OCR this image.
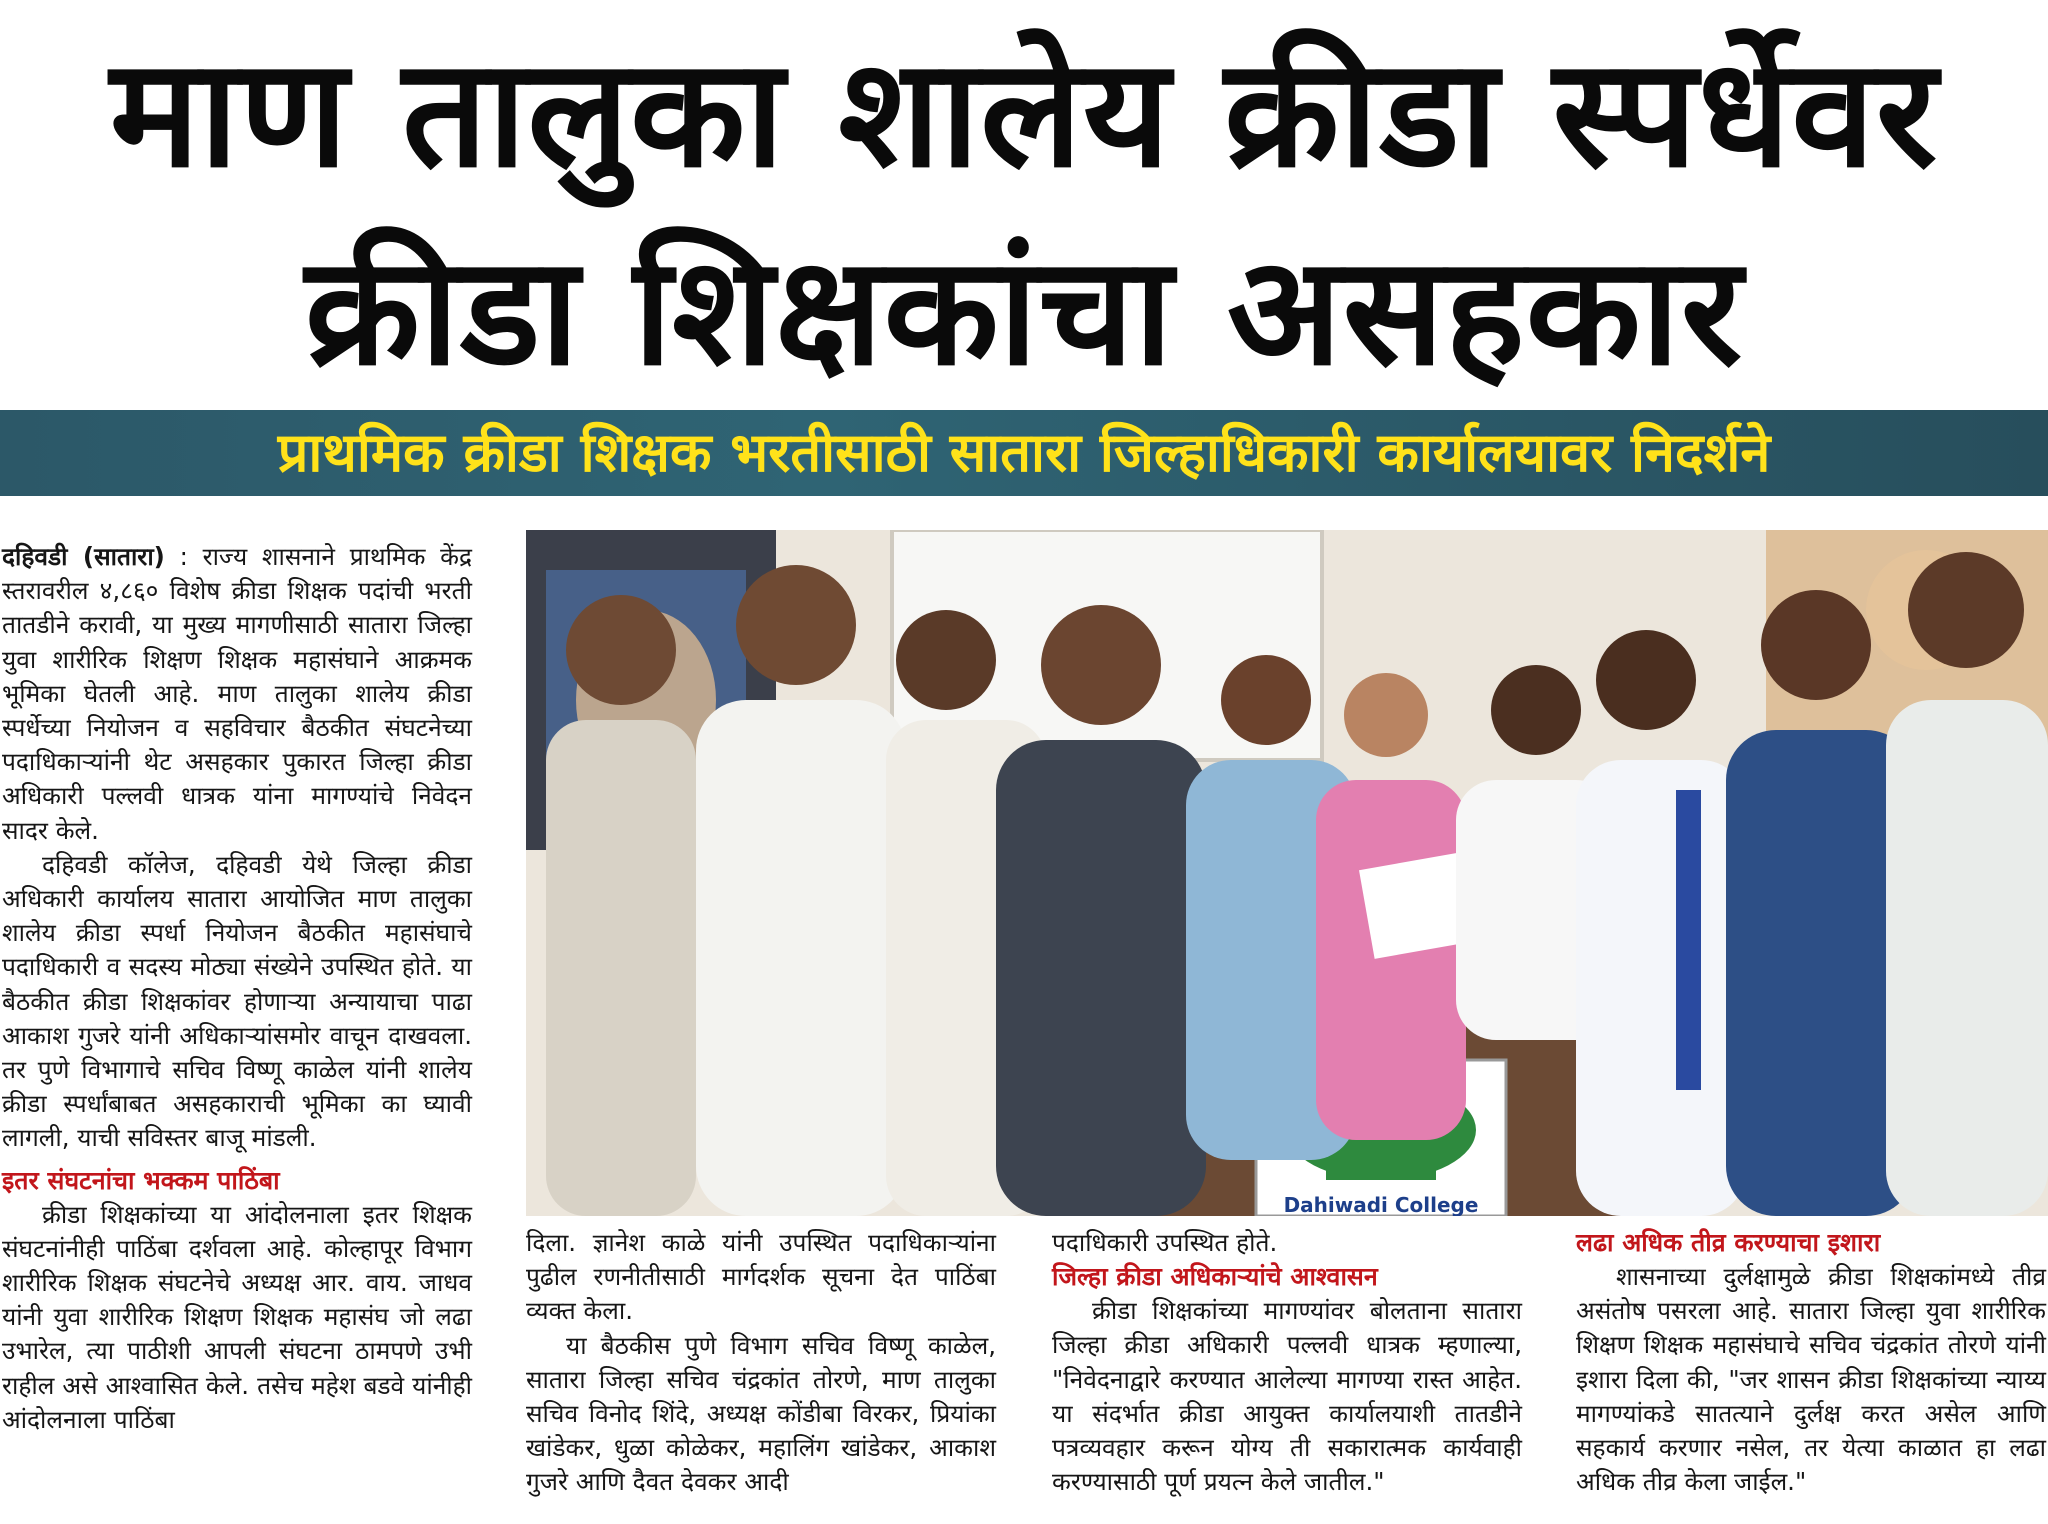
माण तालुका शालेय क्रीडा स्पर्धेवर
क्रीडा शिक्षकांचा असहकार
प्राथमिक क्रीडा शिक्षक भरतीसाठी सातारा जिल्हाधिकारी कार्यालयावर निदर्शने

दहिवडी (सातारा) : राज्य शासनाने प्राथमिक केंद्र स्तरावरील ४,८६० विशेष क्रीडा शिक्षक पदांची भरती तातडीने करावी, या मुख्य मागणीसाठी सातारा जिल्हा युवा शारीरिक शिक्षण शिक्षक महासंघाने आक्रमक भूमिका घेतली आहे. माण तालुका शालेय क्रीडा स्पर्धेच्या नियोजन व सहविचार बैठकीत संघटनेच्या पदाधिकाऱ्यांनी थेट असहकार पुकारत जिल्हा क्रीडा अधिकारी पल्लवी धात्रक यांना मागण्यांचे निवेदन सादर केले.

दहिवडी कॉलेज, दहिवडी येथे जिल्हा क्रीडा अधिकारी कार्यालय सातारा आयोजित माण तालुका शालेय क्रीडा स्पर्धा नियोजन बैठकीत महासंघाचे पदाधिकारी व सदस्य मोठ्या संख्येने उपस्थित होते. या बैठकीत क्रीडा शिक्षकांवर होणाऱ्या अन्यायाचा पाढा आकाश गुजरे यांनी अधिकाऱ्यांसमोर वाचून दाखवला. तर पुणे विभागाचे सचिव विष्णू काळेल यांनी शालेय क्रीडा स्पर्धांबाबत असहकाराची भूमिका का घ्यावी लागली, याची सविस्तर बाजू मांडली.

इतर संघटनांचा भक्कम पाठिंबा

क्रीडा शिक्षकांच्या या आंदोलनाला इतर शिक्षक संघटनांनीही पाठिंबा दर्शवला आहे. कोल्हापूर विभाग शारीरिक शिक्षक संघटनेचे अध्यक्ष आर. वाय. जाधव यांनी युवा शारीरिक शिक्षण शिक्षक महासंघ जो लढा उभारेल, त्या पाठीशी आपली संघटना ठामपणे उभी राहील असे आश्वासित केले. तसेच महेश बडवे यांनीही आंदोलनाला पाठिंबा

Dahiwadi College

दिला. ज्ञानेश काळे यांनी उपस्थित पदाधिकाऱ्यांना पुढील रणनीतीसाठी मार्गदर्शक सूचना देत पाठिंबा व्यक्त केला.

या बैठकीस पुणे विभाग सचिव विष्णू काळेल, सातारा जिल्हा सचिव चंद्रकांत तोरणे, माण तालुका सचिव विनोद शिंदे, अध्यक्ष कोंडीबा विरकर, प्रियांका खांडेकर, धुळा कोळेकर, महालिंग खांडेकर, आकाश गुजरे आणि दैवत देवकर आदी

पदाधिकारी उपस्थित होते.

जिल्हा क्रीडा अधिकाऱ्यांचे आश्वासन

क्रीडा शिक्षकांच्या मागण्यांवर बोलताना सातारा जिल्हा क्रीडा अधिकारी पल्लवी धात्रक म्हणाल्या, "निवेदनाद्वारे करण्यात आलेल्या मागण्या रास्त आहेत. या संदर्भात क्रीडा आयुक्त कार्यालयाशी तातडीने पत्रव्यवहार करून योग्य ती सकारात्मक कार्यवाही करण्यासाठी पूर्ण प्रयत्न केले जातील."

लढा अधिक तीव्र करण्याचा इशारा

शासनाच्या दुर्लक्षामुळे क्रीडा शिक्षकांमध्ये तीव्र असंतोष पसरला आहे. सातारा जिल्हा युवा शारीरिक शिक्षण शिक्षक महासंघाचे सचिव चंद्रकांत तोरणे यांनी इशारा दिला की, "जर शासन क्रीडा शिक्षकांच्या न्याय्य मागण्यांकडे सातत्याने दुर्लक्ष करत असेल आणि सहकार्य करणार नसेल, तर येत्या काळात हा लढा अधिक तीव्र केला जाईल."
